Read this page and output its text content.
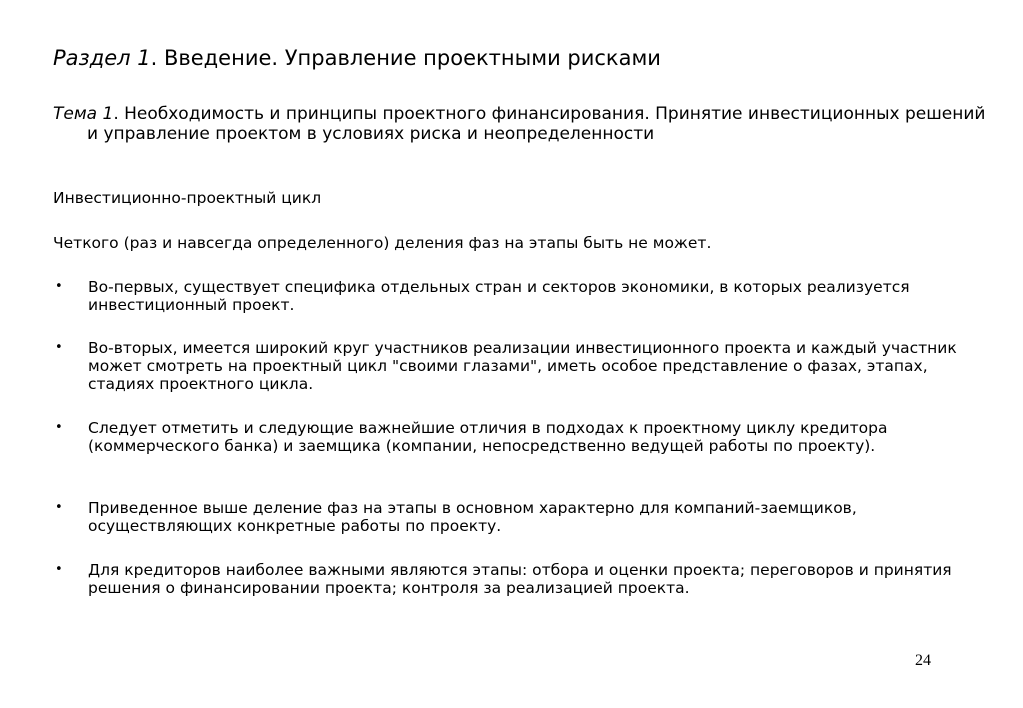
Раздел 1. Введение. Управление проектными рисками
Тема 1. Необходимость и принципы проектного финансирования. Принятие инвестиционных решений и управление проектом в условиях риска и неопределенности
Инвестиционно-проектный цикл
Четкого (раз и навсегда определенного) деления фаз на этапы быть не может.
• Во-первых, существует специфика отдельных стран и секторов экономики, в которых реализуется инвестиционный проект.
• Во-вторых, имеется широкий круг участников реализации инвестиционного проекта и каждый участник может смотреть на проектный цикл "своими глазами", иметь особое представление о фазах, этапах, стадиях проектного цикла.
• Следует отметить и следующие важнейшие отличия в подходах к проектному циклу кредитора (коммерческого банка) и заемщика (компании, непосредственно ведущей работы по проекту).
• Приведенное выше деление фаз на этапы в основном характерно для компаний-заемщиков, осуществляющих конкретные работы по проекту.
• Для кредиторов наиболее важными являются этапы: отбора и оценки проекта; переговоров и принятия решения о финансировании проекта; контроля за реализацией проекта.
24
